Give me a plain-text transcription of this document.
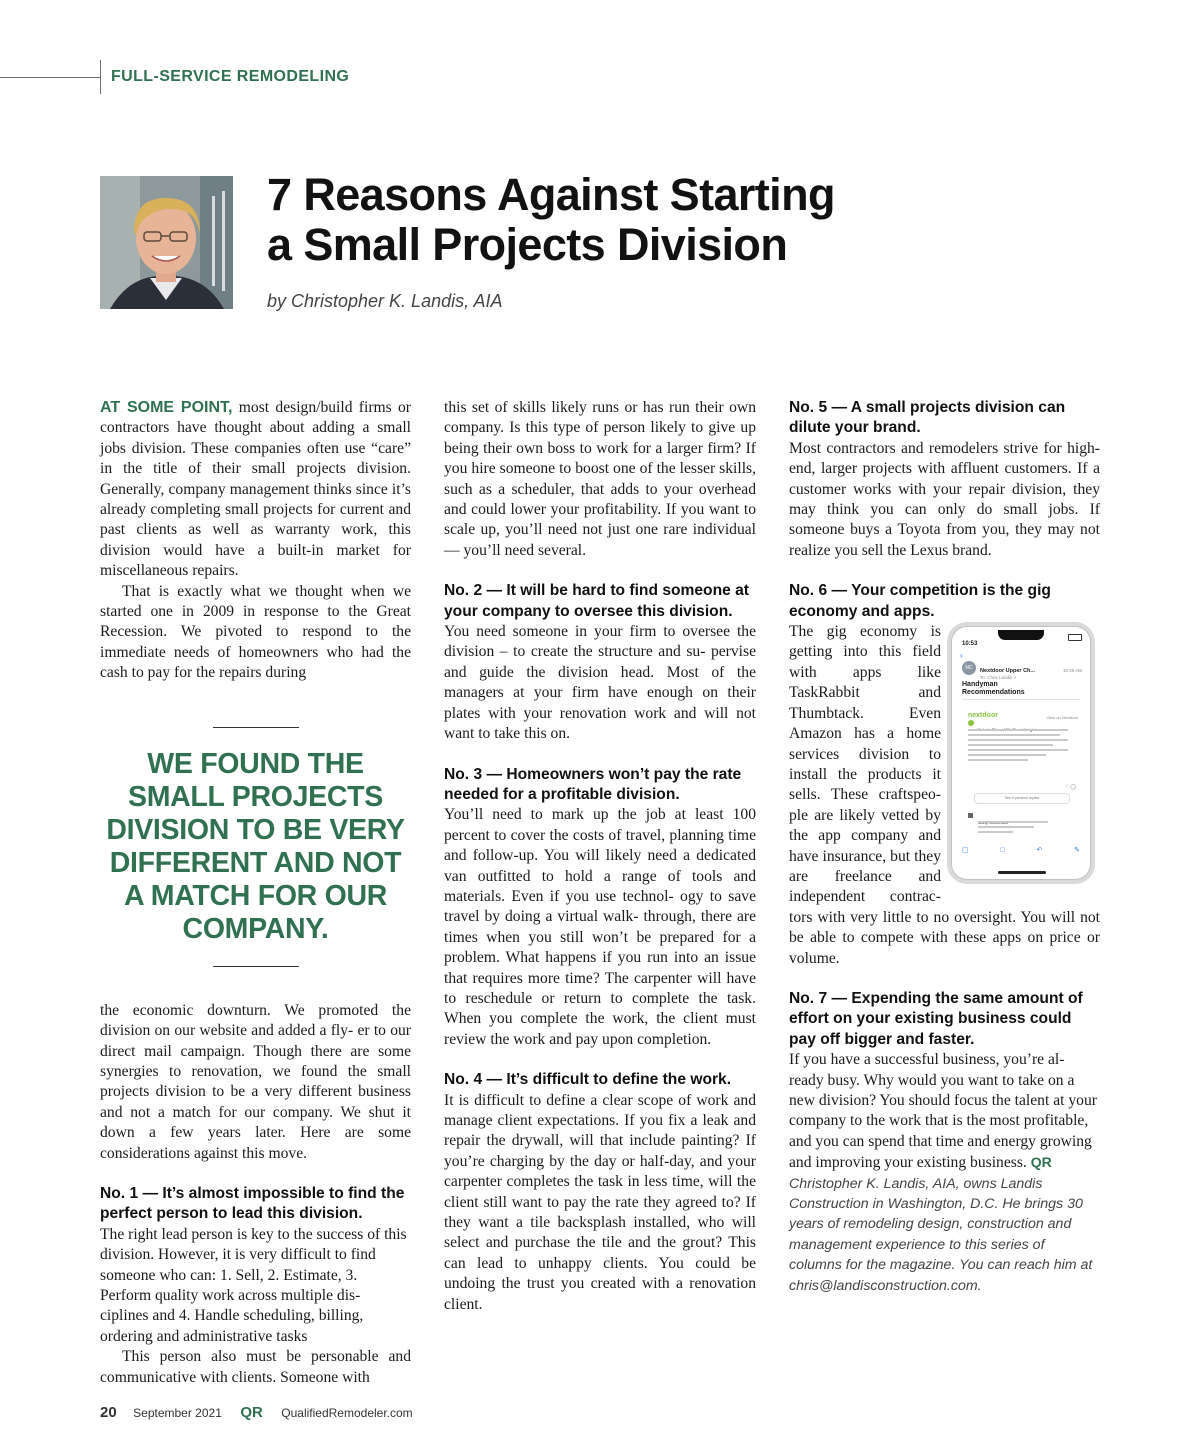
FULL-SERVICE REMODELING
7 Reasons Against Starting
a Small Projects Division
by Christopher K. Landis, AIA

AT SOME POINT, most design/build firms or contractors have thought about adding a small jobs division. These companies often use “care” in the title of their small projects division. Generally, company management thinks since it’s already completing small projects for current and past clients as well as warranty work, this division would have a built-in market for miscellaneous repairs.

That is exactly what we thought when we started one in 2009 in response to the Great Recession. We pivoted to respond to the immediate needs of homeowners who had the cash to pay for the repairs during

WE FOUND THE SMALL PROJECTS DIVISION TO BE VERY DIFFERENT AND NOT A MATCH FOR OUR COMPANY.

the economic downturn. We promoted the division on our website and added a fly- er to our direct mail campaign. Though there are some synergies to renovation, we found the small projects division to be a very different business and not a match for our company. We shut it down a few years later. Here are some considerations against this move.

No. 1 — It’s almost impossible to find the perfect person to lead this division.

The right lead person is key to the success of this division. However, it is very difficult to find someone who can: 1. Sell, 2. Estimate, 3. Perform quality work across multiple dis- ciplines and 4. Handle scheduling, billing, ordering and administrative tasks

This person also must be personable and communicative with clients. Someone with

this set of skills likely runs or has run their own company. Is this type of person likely to give up being their own boss to work for a larger firm? If you hire someone to boost one of the lesser skills, such as a scheduler, that adds to your overhead and could lower your profitability. If you want to scale up, you’ll need not just one rare individual— you’ll need several.

No. 2 — It will be hard to find someone at your company to oversee this division.

You need someone in your firm to oversee the division – to create the structure and su- pervise and guide the division head. Most of the managers at your firm have enough on their plates with your renovation work and will not want to take this on.

No. 3 — Homeowners won’t pay the rate needed for a profitable division.

You’ll need to mark up the job at least 100 percent to cover the costs of travel, planning time and follow-up. You will likely need a dedicated van outfitted to hold a range of tools and materials. Even if you use technol- ogy to save travel by doing a virtual walk- through, there are times when you still won’t be prepared for a problem. What happens if you run into an issue that requires more time? The carpenter will have to reschedule or return to complete the task. When you complete the work, the client must review the work and pay upon completion.

No. 4 — It’s difficult to define the work.

It is difficult to define a clear scope of work and manage client expectations. If you fix a leak and repair the drywall, will that include painting? If you’re charging by the day or half-day, and your carpenter completes the task in less time, will the client still want to pay the rate they agreed to? If they want a tile backsplash installed, who will select and purchase the tile and the grout? This can lead to unhappy clients. You could be undoing the trust you created with a renovation client.

No. 5 — A small projects division can dilute your brand.

Most contractors and remodelers strive for high-end, larger projects with affluent customers. If a customer works with your repair division, they may think you can only do small jobs. If someone buys a Toyota from you, they may not realize you sell the Lexus brand.

No. 6 — Your competition is the gig economy and apps.
10:53
‹
NC	Nextdoor Upper Ch...	10:45 AM
To: Chris Landis >
Handyman
Recommendations
nextdoor	View on Nextdoor
♡ ◯
See 9 previous replies
▢	□	↶	✎

The gig economy is getting into this field with apps like TaskRabbit and Thumbtack. Even Amazon has a home services division to install the products it sells. These craftspeo- ple are likely vetted by the app company and have insurance, but they are freelance and independent contrac- tors with very little to no oversight. You will not be able to compete with these apps on price or volume.

No. 7 — Expending the same amount of effort on your existing business could pay off bigger and faster.

If you have a successful business, you’re al- ready busy. Why would you want to take on a new division? You should focus the talent at your company to the work that is the most profitable, and you can spend that time and energy growing and improving your existing business. QR

Christopher K. Landis, AIA, owns Landis Construction in Washington, D.C. He brings 30 years of remodeling design, construction and management experience to this series of columns for the magazine. You can reach him at chris@landisconstruction.com.

20 September 2021 QR QualifiedRemodeler.com
